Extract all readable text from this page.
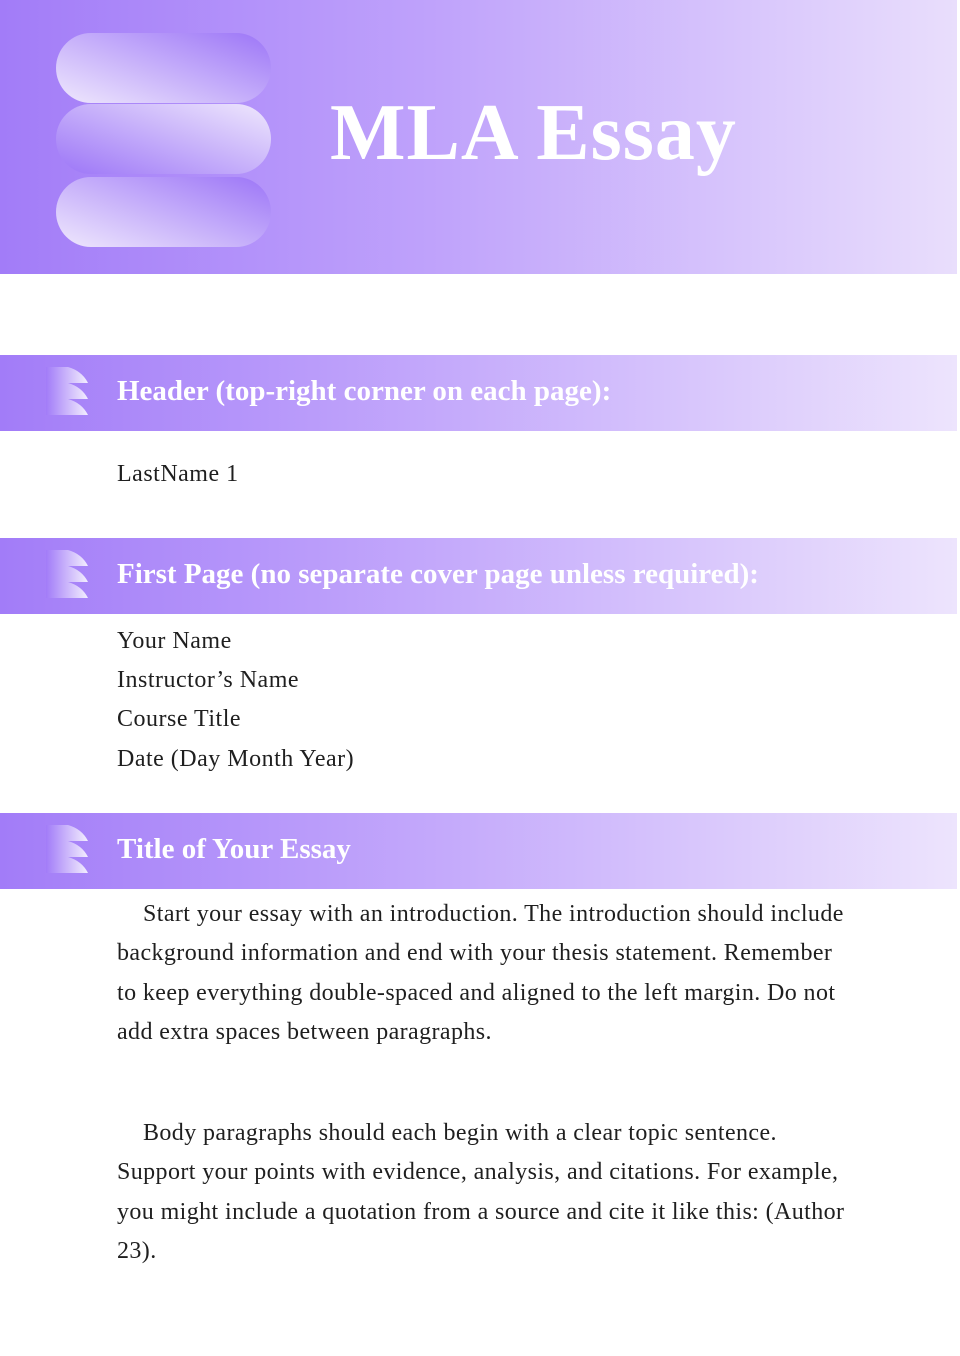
MLA Essay
Header (top-right corner on each page):
LastName 1
First Page (no separate cover page unless required):
Your Name
Instructor’s Name
Course Title
Date (Day Month Year)
Title of Your Essay

Start your essay with an introduction. The introduction should include background information and end with your thesis statement. Remember to keep everything double-spaced and aligned to the left margin. Do not add extra spaces between paragraphs.

Body paragraphs should each begin with a clear topic sentence. Support your points with evidence, analysis, and citations. For example, you might include a quotation from a source and cite it like this: (Author 23).
